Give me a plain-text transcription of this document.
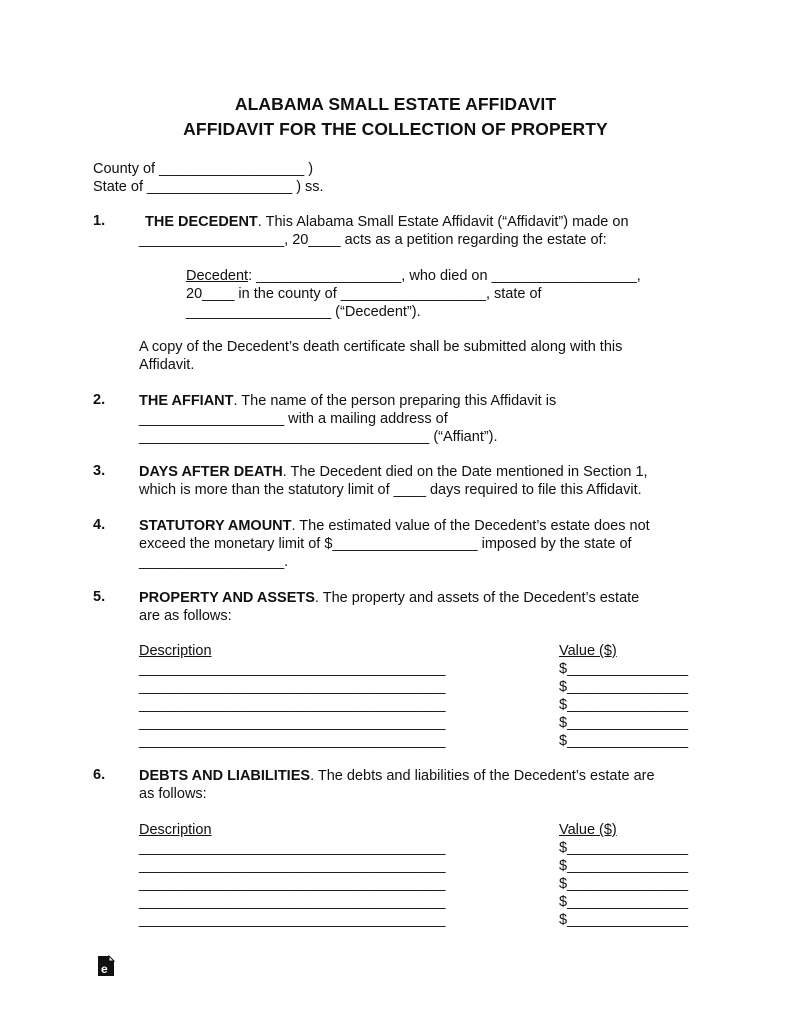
ALABAMA SMALL ESTATE AFFIDAVIT
AFFIDAVIT FOR THE COLLECTION OF PROPERTY
County of __________________ )
State of __________________ ) ss.
1.	THE DECEDENT. This Alabama Small Estate Affidavit (“Affidavit”) made on
__________________, 20____ acts as a petition regarding the estate of:
Decedent: __________________, who died on __________________,
20____ in the county of __________________, state of
__________________ (“Decedent”).
A copy of the Decedent’s death certificate shall be submitted along with this
Affidavit.
2. THE AFFIANT. The name of the person preparing this Affidavit is
__________________ with a mailing address of
____________________________________ (“Affiant”).
3. DAYS AFTER DEATH. The Decedent died on the Date mentioned in Section 1,
which is more than the statutory limit of ____ days required to file this Affidavit.
4. STATUTORY AMOUNT. The estimated value of the Decedent’s estate does not
exceed the monetary limit of $__________________ imposed by the state of
__________________.
5. PROPERTY AND ASSETS. The property and assets of the Decedent’s estate
are as follows:
Description	Value ($)
______________________________________	$_______________
______________________________________	$_______________
______________________________________	$_______________
______________________________________	$_______________
______________________________________	$_______________
6. DEBTS AND LIABILITIES. The debts and liabilities of the Decedent’s estate are
as follows:
Description	Value ($)
______________________________________	$_______________
______________________________________	$_______________
______________________________________	$_______________
______________________________________	$_______________
______________________________________	$_______________
e
